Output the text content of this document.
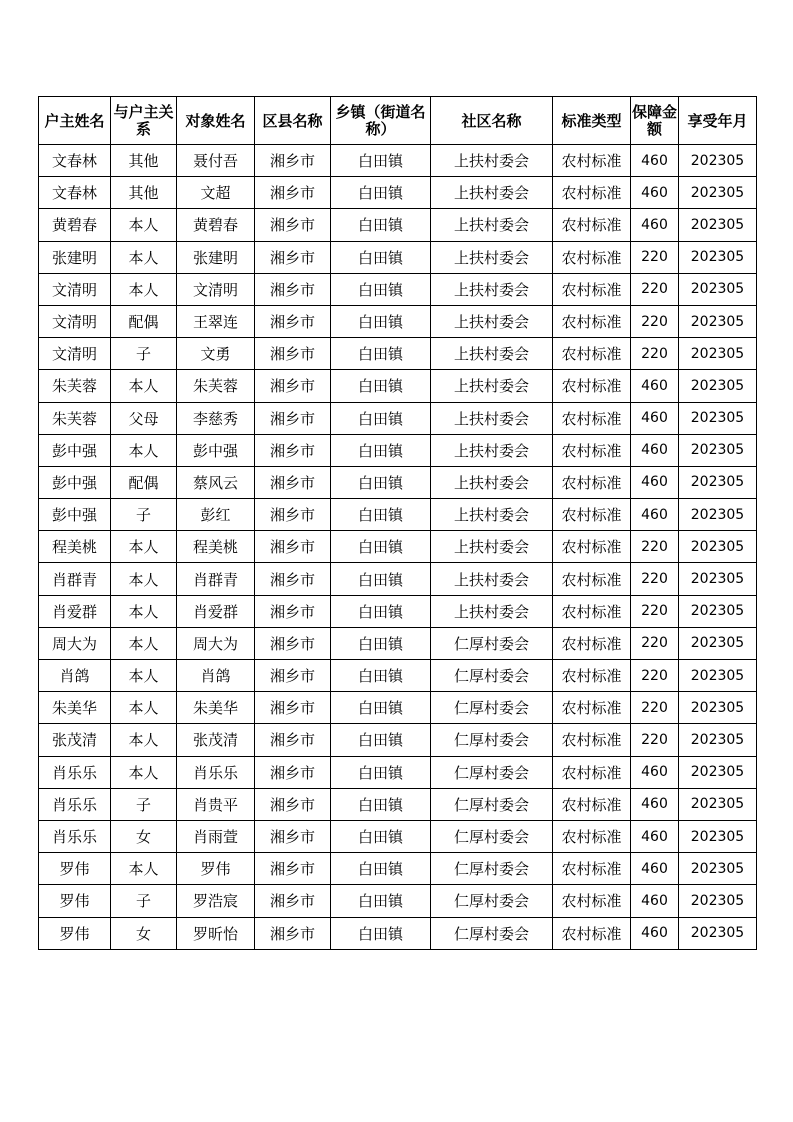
户主姓名	与户主关系	对象姓名	区县名称	乡镇（街道名称）	社区名称	标准类型	保障金额	享受年月
文春林	其他	聂付吾	湘乡市	白田镇	上扶村委会	农村标准	460	202305
文春林	其他	文超	湘乡市	白田镇	上扶村委会	农村标准	460	202305
黄碧春	本人	黄碧春	湘乡市	白田镇	上扶村委会	农村标准	460	202305
张建明	本人	张建明	湘乡市	白田镇	上扶村委会	农村标准	220	202305
文清明	本人	文清明	湘乡市	白田镇	上扶村委会	农村标准	220	202305
文清明	配偶	王翠连	湘乡市	白田镇	上扶村委会	农村标准	220	202305
文清明	子	文勇	湘乡市	白田镇	上扶村委会	农村标准	220	202305
朱芙蓉	本人	朱芙蓉	湘乡市	白田镇	上扶村委会	农村标准	460	202305
朱芙蓉	父母	李慈秀	湘乡市	白田镇	上扶村委会	农村标准	460	202305
彭中强	本人	彭中强	湘乡市	白田镇	上扶村委会	农村标准	460	202305
彭中强	配偶	蔡风云	湘乡市	白田镇	上扶村委会	农村标准	460	202305
彭中强	子	彭红	湘乡市	白田镇	上扶村委会	农村标准	460	202305
程美桃	本人	程美桃	湘乡市	白田镇	上扶村委会	农村标准	220	202305
肖群青	本人	肖群青	湘乡市	白田镇	上扶村委会	农村标准	220	202305
肖爱群	本人	肖爱群	湘乡市	白田镇	上扶村委会	农村标准	220	202305
周大为	本人	周大为	湘乡市	白田镇	仁厚村委会	农村标准	220	202305
肖鸽	本人	肖鸽	湘乡市	白田镇	仁厚村委会	农村标准	220	202305
朱美华	本人	朱美华	湘乡市	白田镇	仁厚村委会	农村标准	220	202305
张茂清	本人	张茂清	湘乡市	白田镇	仁厚村委会	农村标准	220	202305
肖乐乐	本人	肖乐乐	湘乡市	白田镇	仁厚村委会	农村标准	460	202305
肖乐乐	子	肖贵平	湘乡市	白田镇	仁厚村委会	农村标准	460	202305
肖乐乐	女	肖雨萱	湘乡市	白田镇	仁厚村委会	农村标准	460	202305
罗伟	本人	罗伟	湘乡市	白田镇	仁厚村委会	农村标准	460	202305
罗伟	子	罗浩宸	湘乡市	白田镇	仁厚村委会	农村标准	460	202305
罗伟	女	罗昕怡	湘乡市	白田镇	仁厚村委会	农村标准	460	202305
